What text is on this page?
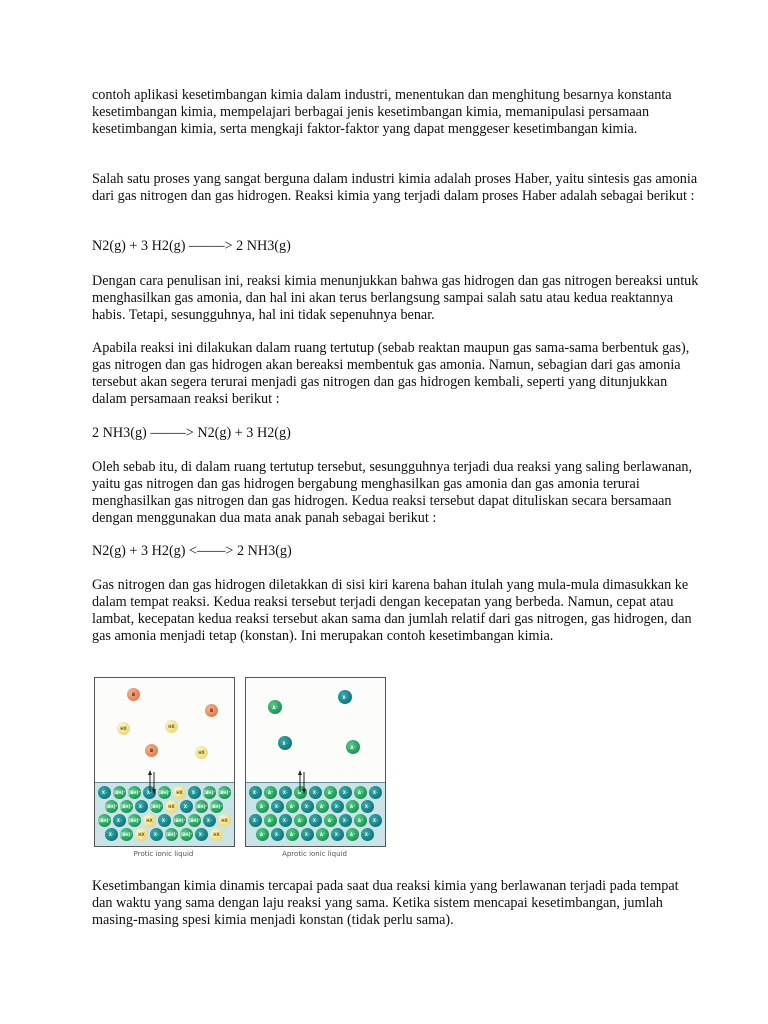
contoh aplikasi kesetimbangan kimia dalam industri, menentukan dan menghitung besarnya konstanta kesetimbangan kimia, mempelajari berbagai jenis kesetimbangan kimia, memanipulasi persamaan kesetimbangan kimia, serta mengkaji faktor-faktor yang dapat menggeser kesetimbangan kimia.

Salah satu proses yang sangat berguna dalam industri kimia adalah proses Haber, yaitu sintesis gas amonia dari gas nitrogen dan gas hidrogen. Reaksi kimia yang terjadi dalam proses Haber adalah sebagai berikut :

N2(g) + 3 H2(g) ——–> 2 NH3(g)

Dengan cara penulisan ini, reaksi kimia menunjukkan bahwa gas hidrogen dan gas nitrogen bereaksi untuk menghasilkan gas amonia, dan hal ini akan terus berlangsung sampai salah satu atau kedua reaktannya habis. Tetapi, sesungguhnya, hal ini tidak sepenuhnya benar.

Apabila reaksi ini dilakukan dalam ruang tertutup (sebab reaktan maupun gas sama-sama berbentuk gas), gas nitrogen dan gas hidrogen akan bereaksi membentuk gas amonia. Namun, sebagian dari gas amonia tersebut akan segera terurai menjadi gas nitrogen dan gas hidrogen kembali, seperti yang ditunjukkan dalam persamaan reaksi berikut :

2 NH3(g) ——–> N2(g) + 3 H2(g)

Oleh sebab itu, di dalam ruang tertutup tersebut, sesungguhnya terjadi dua reaksi yang saling berlawanan, yaitu gas nitrogen dan gas hidrogen bergabung menghasilkan gas amonia dan gas amonia terurai menghasilkan gas nitrogen dan gas hidrogen. Kedua reaksi tersebut dapat dituliskan secara bersamaan dengan menggunakan dua mata anak panah sebagai berikut :

N2(g) + 3 H2(g) <——> 2 NH3(g)

Gas nitrogen dan gas hidrogen diletakkan di sisi kiri karena bahan itulah yang mula-mula dimasukkan ke dalam tempat reaksi. Kedua reaksi tersebut terjadi dengan kecepatan yang berbeda. Namun, cepat atau lambat, kecepatan kedua reaksi tersebut akan sama dan jumlah relatif dari gas nitrogen, gas hidrogen, dan gas amonia menjadi tetap (konstan). Ini merupakan contoh kesetimbangan kimia.

B
B
HX	HX
B	HX
X⁻	[BH]⁺ [BH]⁺	X⁻	[BH]⁺	HX	X⁻	[BH]⁺ [BH]⁺
[BH]⁺ [BH]⁺	X⁻	[BH]⁺	HX	X⁻	[BH]⁺ [BH]⁺
[BH]⁺	X⁻	[BH]⁺	HX	X⁻	[BH]⁺ [BH]⁺	X⁻	HX
X⁻	[BH]⁺	HX	X⁻	[BH]⁺ [BH]⁺	X⁻	HX
A⁺
X⁻
X⁻
A⁺
X⁻	A⁺	X⁻	A⁺	X⁻	A⁺	X⁻	A⁺	X⁻
A⁺	X⁻	A⁺	X⁻	A⁺	X⁻	A⁺	X⁻
X⁻	A⁺	X⁻	A⁺	X⁻	A⁺	X⁻	A⁺	X⁻
A⁺	X⁻	A⁺	X⁻	A⁺	X⁻	A⁺	X⁻
Protic ionic liquid	Aprotic ionic liquid

Kesetimbangan kimia dinamis tercapai pada saat dua reaksi kimia yang berlawanan terjadi pada tempat dan waktu yang sama dengan laju reaksi yang sama. Ketika sistem mencapai kesetimbangan, jumlah masing-masing spesi kimia menjadi konstan (tidak perlu sama).
